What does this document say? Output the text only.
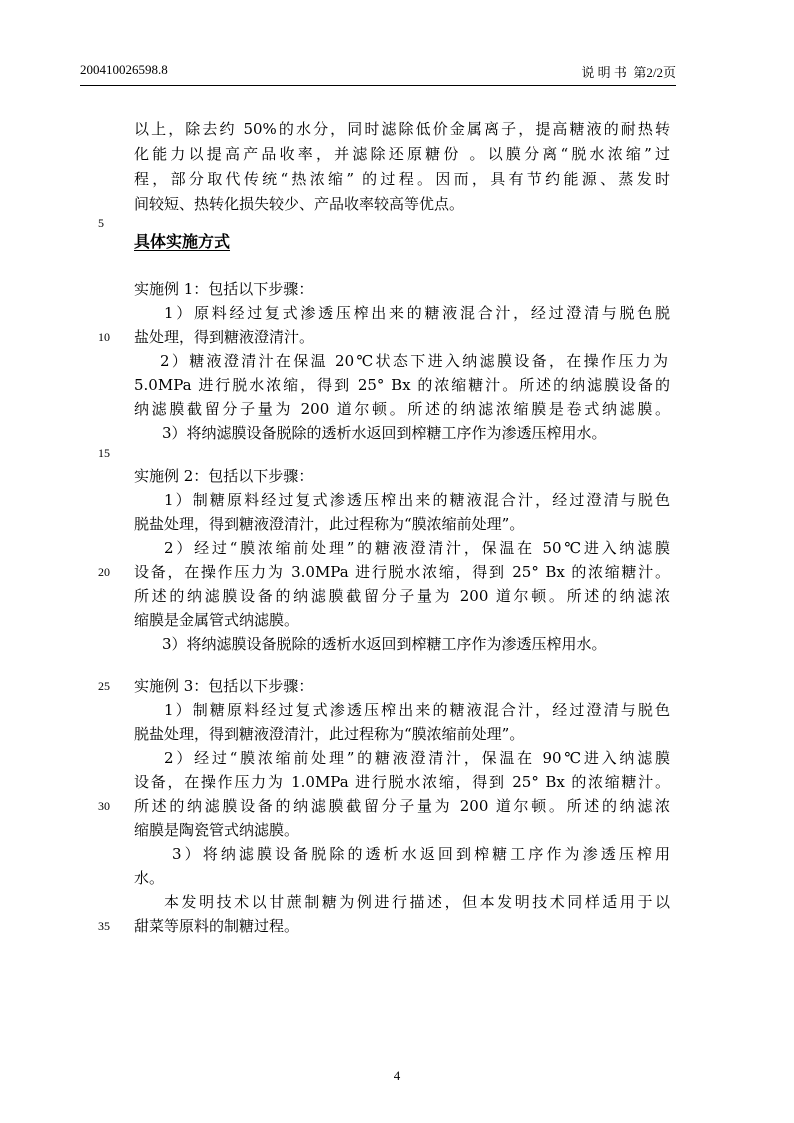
200410026598.8	说 明 书 第2/2页
以上，除去约 50%的水分，同时滤除低价金属离子，提高糖液的耐热转
化能力以提高产品收率，并滤除还原糖份 。以膜分离“脱水浓缩”过
程，部分取代传统“热浓缩” 的过程。因而，具有节约能源、蒸发时
间较短、热转化损失较少、产品收率较高等优点。
5
具体实施方式
实施例 1：包括以下步骤：
1）原料经过复式渗透压榨出来的糖液混合汁，经过澄清与脱色脱
盐处理，得到糖液澄清汁。
10
2）糖液澄清汁在保温 20℃状态下进入纳滤膜设备，在操作压力为
5.0MPa 进行脱水浓缩，得到 25° Bx 的浓缩糖汁。所述的纳滤膜设备的
纳滤膜截留分子量为 200 道尔顿。所述的纳滤浓缩膜是卷式纳滤膜。
3）将纳滤膜设备脱除的透析水返回到榨糖工序作为渗透压榨用水。
15
实施例 2：包括以下步骤：
1）制糖原料经过复式渗透压榨出来的糖液混合汁，经过澄清与脱色
脱盐处理，得到糖液澄清汁，此过程称为“膜浓缩前处理”。
2）经过“膜浓缩前处理”的糖液澄清汁，保温在 50℃进入纳滤膜
设备，在操作压力为 3.0MPa 进行脱水浓缩，得到 25° Bx 的浓缩糖汁。
20
所述的纳滤膜设备的纳滤膜截留分子量为 200 道尔顿。所述的纳滤浓
缩膜是金属管式纳滤膜。
3）将纳滤膜设备脱除的透析水返回到榨糖工序作为渗透压榨用水。
25	实施例 3：包括以下步骤：
1）制糖原料经过复式渗透压榨出来的糖液混合汁，经过澄清与脱色
脱盐处理，得到糖液澄清汁，此过程称为“膜浓缩前处理”。
2）经过“膜浓缩前处理”的糖液澄清汁，保温在 90℃进入纳滤膜
设备，在操作压力为 1.0MPa 进行脱水浓缩，得到 25° Bx 的浓缩糖汁。
所述的纳滤膜设备的纳滤膜截留分子量为 200 道尔顿。所述的纳滤浓
30
缩膜是陶瓷管式纳滤膜。
3）将纳滤膜设备脱除的透析水返回到榨糖工序作为渗透压榨用
水。
本发明技术以甘蔗制糖为例进行描述，但本发明技术同样适用于以
甜菜等原料的制糖过程。
35
4
